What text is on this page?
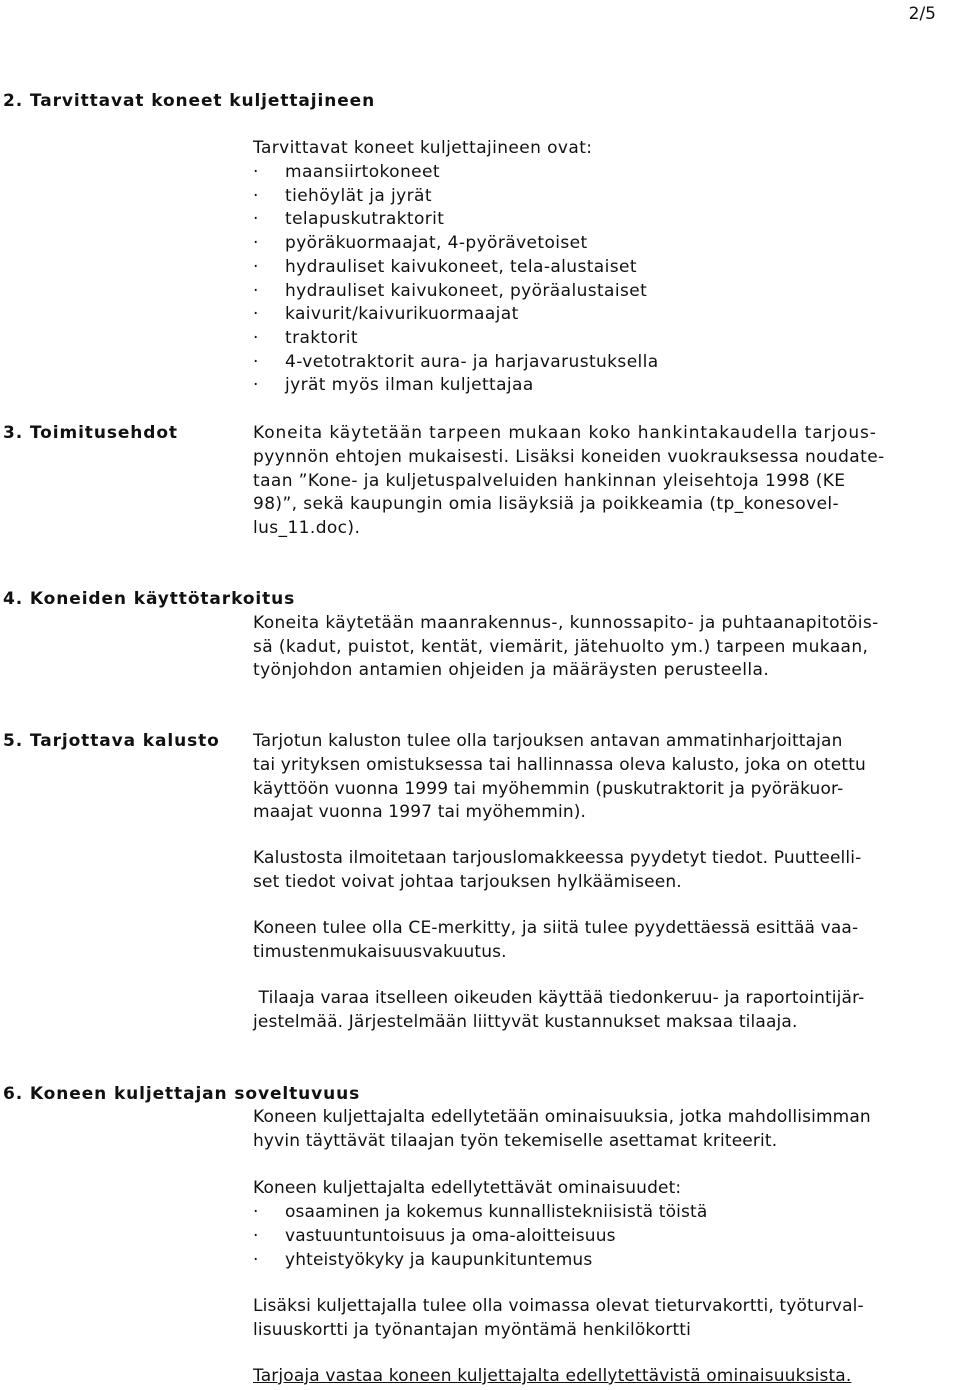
2/5
2. Tarvittavat koneet kuljettajineen
Tarvittavat koneet kuljettajineen ovat:
· maansiirtokoneet
· tiehöylät ja jyrät
· telapuskutraktorit
· pyöräkuormaajat, 4-pyörävetoiset
· hydrauliset kaivukoneet, tela-alustaiset
· hydrauliset kaivukoneet, pyöräalustaiset
· kaivurit/kaivurikuormaajat
· traktorit
· 4-vetotraktorit aura- ja harjavarustuksella
· jyrät myös ilman kuljettajaa
3. Toimitusehdot	Koneita käytetään tarpeen mukaan koko hankintakaudella tarjous-
pyynnön ehtojen mukaisesti. Lisäksi koneiden vuokrauksessa noudate-
taan ”Kone- ja kuljetuspalveluiden hankinnan yleisehtoja 1998 (KE
98)”, sekä kaupungin omia lisäyksiä ja poikkeamia (tp_konesovel-
lus_11.doc).
4. Koneiden käyttötarkoitus
Koneita käytetään maanrakennus-, kunnossapito- ja puhtaanapitotöis-
sä (kadut, puistot, kentät, viemärit, jätehuolto ym.) tarpeen mukaan,
työnjohdon antamien ohjeiden ja määräysten perusteella.
5. Tarjottava kalusto Tarjotun kaluston tulee olla tarjouksen antavan ammatinharjoittajan
tai yrityksen omistuksessa tai hallinnassa oleva kalusto, joka on otettu
käyttöön vuonna 1999 tai myöhemmin (puskutraktorit ja pyöräkuor-
maajat vuonna 1997 tai myöhemmin).
Kalustosta ilmoitetaan tarjouslomakkeessa pyydetyt tiedot. Puutteelli-
set tiedot voivat johtaa tarjouksen hylkäämiseen.
Koneen tulee olla CE-merkitty, ja siitä tulee pyydettäessä esittää vaa-
timustenmukaisuusvakuutus.
Tilaaja varaa itselleen oikeuden käyttää tiedonkeruu- ja raportointijär-
jestelmää. Järjestelmään liittyvät kustannukset maksaa tilaaja.
6. Koneen kuljettajan soveltuvuus
Koneen kuljettajalta edellytetään ominaisuuksia, jotka mahdollisimman
hyvin täyttävät tilaajan työn tekemiselle asettamat kriteerit.
Koneen kuljettajalta edellytettävät ominaisuudet:
· osaaminen ja kokemus kunnallistekniisistä töistä
· vastuuntuntoisuus ja oma-aloitteisuus
· yhteistyökyky ja kaupunkituntemus
Lisäksi kuljettajalla tulee olla voimassa olevat tieturvakortti, työturval-
lisuuskortti ja työnantajan myöntämä henkilökortti
Tarjoaja vastaa koneen kuljettajalta edellytettävistä ominaisuuksista.
